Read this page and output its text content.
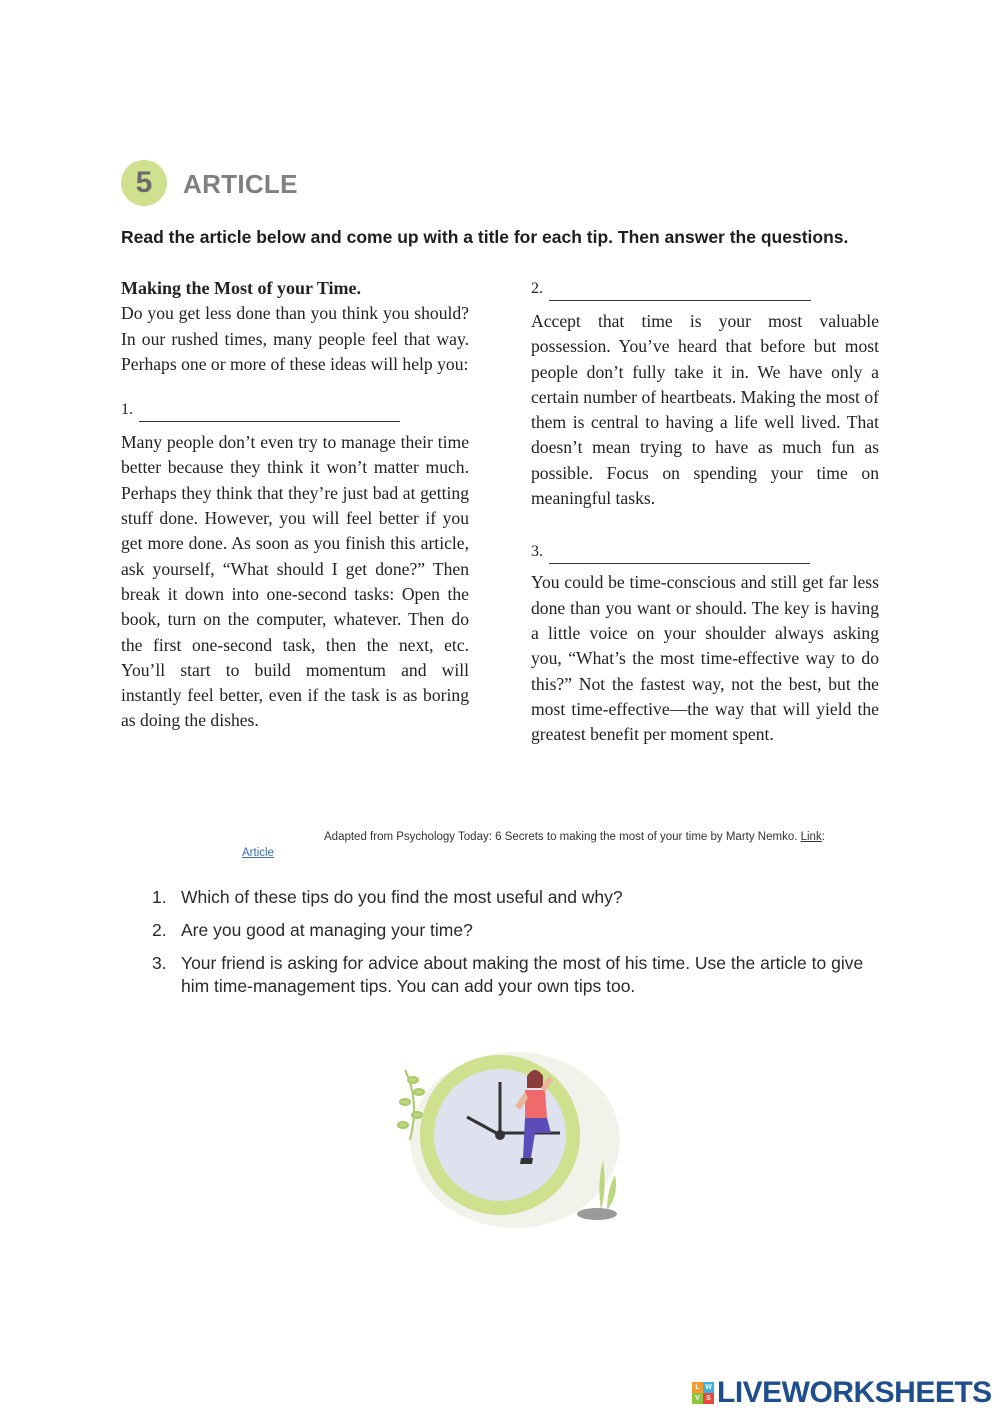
5	ARTICLE
Read the article below and come up with a title for each tip. Then answer the questions.

Making the Most of your Time.

Do you get less done than you think you should? In our rushed times, many people feel that way. Perhaps one or more of these ideas will help you:

1.

Many people don’t even try to manage their time better because they think it won’t matter much. Perhaps they think that they’re just bad at getting stuff done. However, you will feel better if you get more done. As soon as you finish this article, ask yourself, “What should I get done?” Then break it down into one-second tasks: Open the book, turn on the computer, whatever. Then do the first one-second task, then the next, etc. You’ll start to build momentum and will instantly feel better, even if the task is as boring as doing the dishes.

2.

Accept that time is your most valuable possession. You’ve heard that before but most people don’t fully take it in. We have only a certain number of heartbeats. Making the most of them is central to having a life well lived. That doesn’t mean trying to have as much fun as possible. Focus on spending your time on meaningful tasks.

3.

You could be time-conscious and still get far less done than you want or should. The key is having a little voice on your shoulder always asking you, “What’s the most time-effective way to do this?” Not the fastest way, not the best, but the most time-effective—the way that will yield the greatest benefit per moment spent.

Adapted from Psychology Today: 6 Secrets to making the most of your time by Marty Nemko. Link:
Article
1. Which of these tips do you find the most useful and why?
2. Are you good at managing your time?
3. Your friend is asking for advice about making the most of his time. Use the article to give him time-management tips. You can add your own tips too.
L W
V S LIVEWORKSHEETS
